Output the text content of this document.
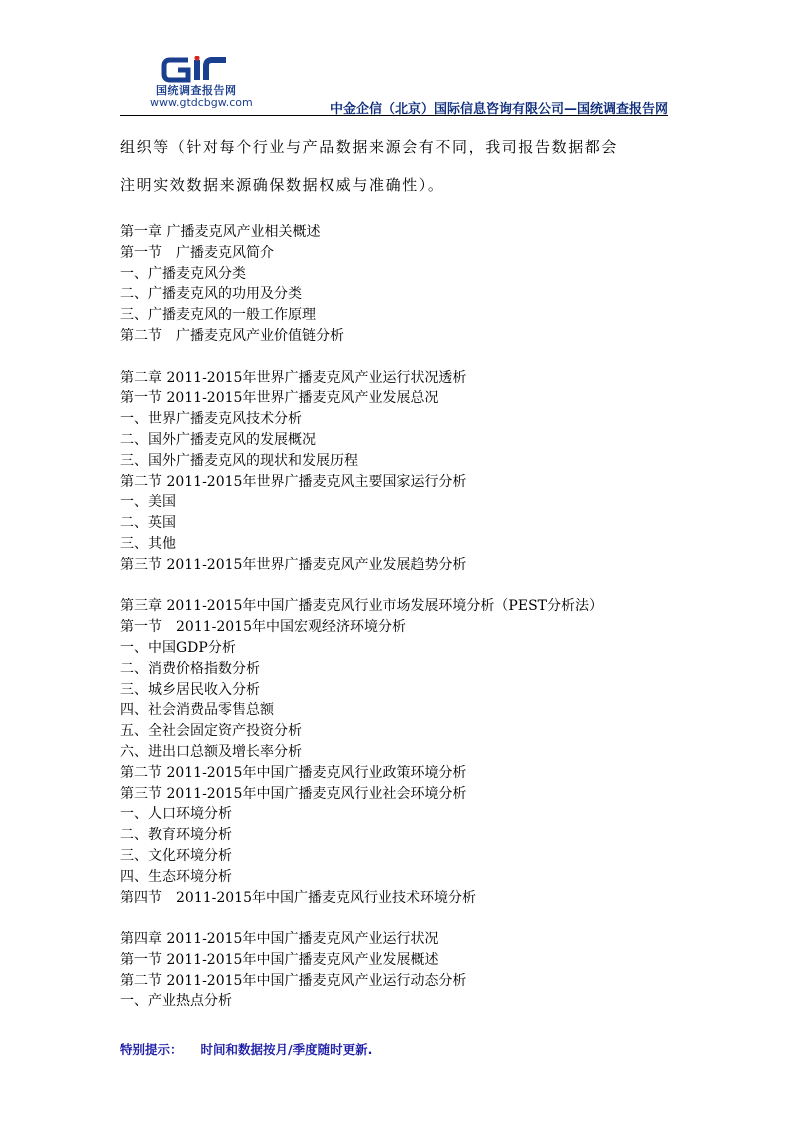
国统调查报告网
www.gtdcbgw.com	中金企信（北京）国际信息咨询有限公司—国统调查报告网
组织等（针对每个行业与产品数据来源会有不同，我司报告数据都会
注明实效数据来源确保数据权威与准确性）。
第一章 广播麦克风产业相关概述
第一节　广播麦克风简介
一、广播麦克风分类
二、广播麦克风的功用及分类
三、广播麦克风的一般工作原理
第二节　广播麦克风产业价值链分析
第二章 2011-2015年世界广播麦克风产业运行状况透析
第一节 2011-2015年世界广播麦克风产业发展总况
一、世界广播麦克风技术分析
二、国外广播麦克风的发展概况
三、国外广播麦克风的现状和发展历程
第二节 2011-2015年世界广播麦克风主要国家运行分析
一、美国
二、英国
三、其他
第三节 2011-2015年世界广播麦克风产业发展趋势分析
第三章 2011-2015年中国广播麦克风行业市场发展环境分析（PEST分析法）
第一节　2011-2015年中国宏观经济环境分析
一、中国GDP分析
二、消费价格指数分析
三、城乡居民收入分析
四、社会消费品零售总额
五、全社会固定资产投资分析
六、进出口总额及增长率分析
第二节 2011-2015年中国广播麦克风行业政策环境分析
第三节 2011-2015年中国广播麦克风行业社会环境分析
一、人口环境分析
二、教育环境分析
三、文化环境分析
四、生态环境分析
第四节　2011-2015年中国广播麦克风行业技术环境分析
第四章 2011-2015年中国广播麦克风产业运行状况
第一节 2011-2015年中国广播麦克风产业发展概述
第二节 2011-2015年中国广播麦克风产业运行动态分析
一、产业热点分析
特别提示： 时间和数据按月/季度随时更新.
